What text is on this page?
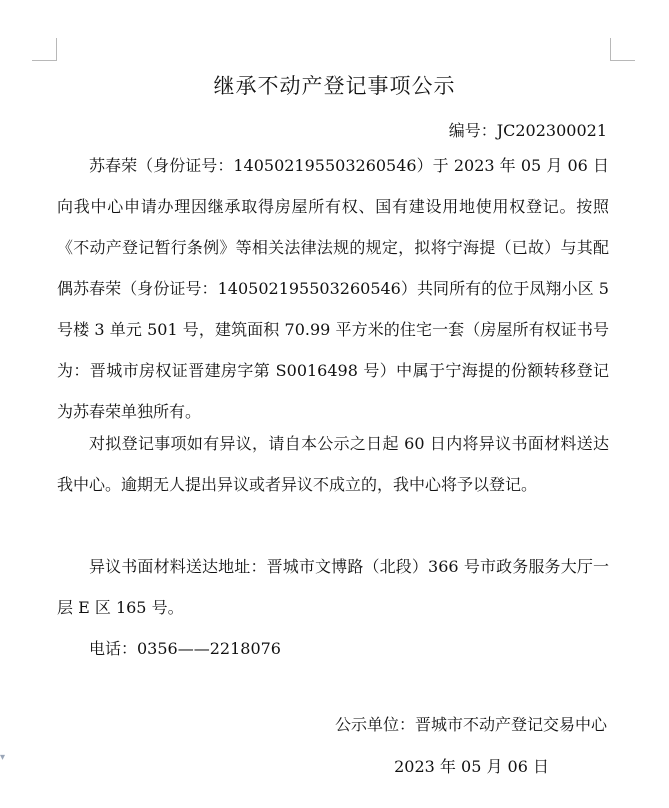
继承不动产登记事项公示
编号：JC202300021

苏春荣（身份证号：140502195503260546）于 2023 年 05 月 06 日向我中心申请办理因继承取得房屋所有权、国有建设用地使用权登记。按照《不动产登记暂行条例》等相关法律法规的规定，拟将宁海提（已故）与其配偶苏春荣（身份证号：140502195503260546）共同所有的位于凤翔小区 5 号楼 3 单元 501 号，建筑面积 70.99 平方米的住宅一套（房屋所有权证书号为：晋城市房权证晋建房字第 S0016498 号）中属于宁海提的份额转移登记为苏春荣单独所有。

对拟登记事项如有异议，请自本公示之日起 60 日内将异议书面材料送达我中心。逾期无人提出异议或者异议不成立的，我中心将予以登记。

异议书面材料送达地址：晋城市文博路（北段）366 号市政务服务大厅一层 E 区 165 号。

电话：0356——2218076

公示单位：晋城市不动产登记交易中心
2023 年 05 月 06 日
▾
